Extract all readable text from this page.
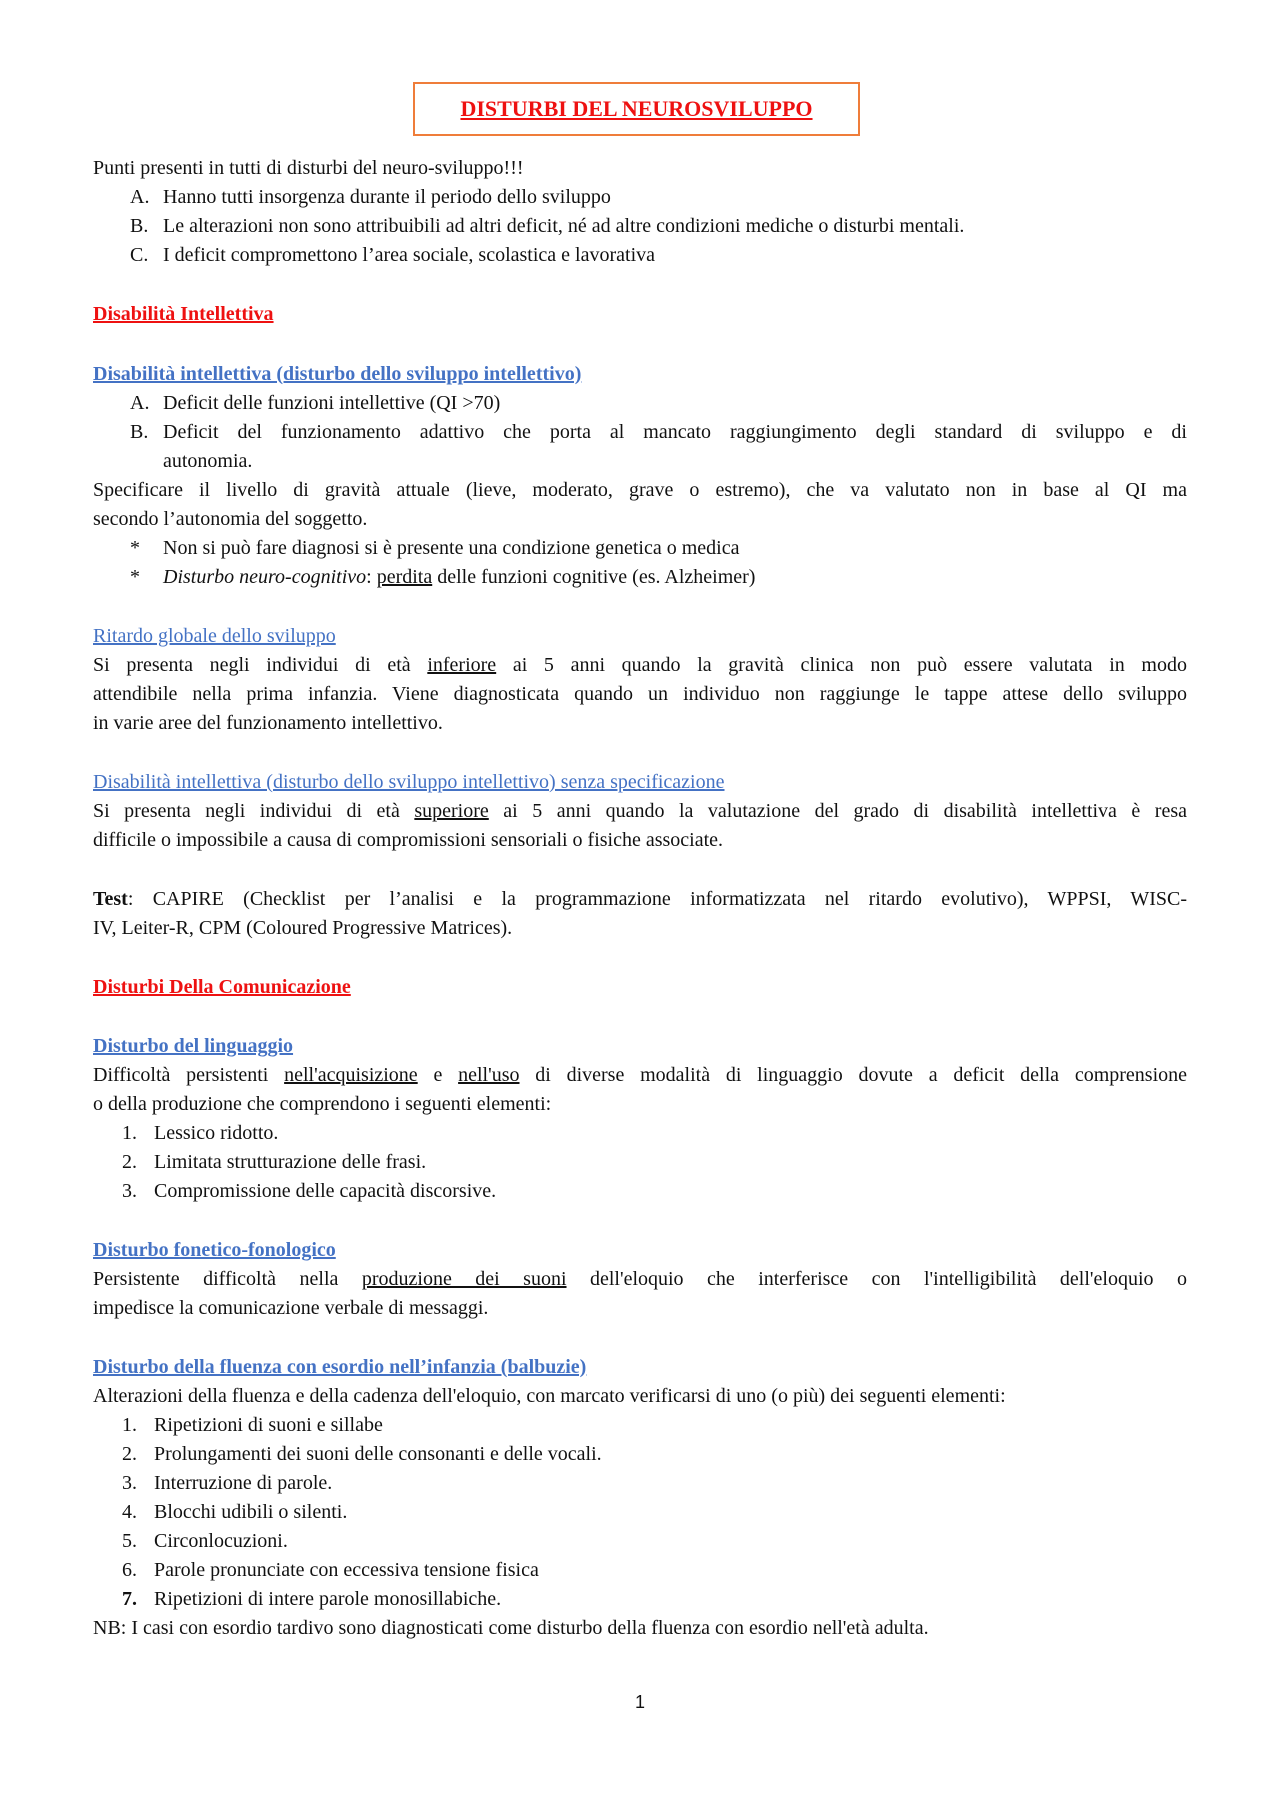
DISTURBI DEL NEUROSVILUPPO
Punti presenti in tutti di disturbi del neuro-sviluppo!!!
A. Hanno tutti insorgenza durante il periodo dello sviluppo
B. Le alterazioni non sono attribuibili ad altri deficit, né ad altre condizioni mediche o disturbi mentali.
C. I deficit compromettono l’area sociale, scolastica e lavorativa
Disabilità Intellettiva
Disabilità intellettiva (disturbo dello sviluppo intellettivo)
A. Deficit delle funzioni intellettive (QI >70)
B. Deficit del funzionamento adattivo che porta al mancato raggiungimento degli standard di sviluppo e di
autonomia.
Specificare il livello di gravità attuale (lieve, moderato, grave o estremo), che va valutato non in base al QI ma
secondo l’autonomia del soggetto.
* Non si può fare diagnosi si è presente una condizione genetica o medica
* Disturbo neuro-cognitivo: perdita delle funzioni cognitive (es. Alzheimer)
Ritardo globale dello sviluppo
Si presenta negli individui di età inferiore ai 5 anni quando la gravità clinica non può essere valutata in modo
attendibile nella prima infanzia. Viene diagnosticata quando un individuo non raggiunge le tappe attese dello sviluppo
in varie aree del funzionamento intellettivo.
Disabilità intellettiva (disturbo dello sviluppo intellettivo) senza specificazione
Si presenta negli individui di età superiore ai 5 anni quando la valutazione del grado di disabilità intellettiva è resa
difficile o impossibile a causa di compromissioni sensoriali o fisiche associate.
Test: CAPIRE (Checklist per l’analisi e la programmazione informatizzata nel ritardo evolutivo), WPPSI, WISC-
IV, Leiter-R, CPM (Coloured Progressive Matrices).
Disturbi Della Comunicazione
Disturbo del linguaggio
Difficoltà persistenti nell'acquisizione e nell'uso di diverse modalità di linguaggio dovute a deficit della comprensione
o della produzione che comprendono i seguenti elementi:
1. Lessico ridotto.
2. Limitata strutturazione delle frasi.
3. Compromissione delle capacità discorsive.
Disturbo fonetico-fonologico
Persistente difficoltà nella produzione dei suoni dell'eloquio che interferisce con l'intelligibilità dell'eloquio o
impedisce la comunicazione verbale di messaggi.
Disturbo della fluenza con esordio nell’infanzia (balbuzie)
Alterazioni della fluenza e della cadenza dell'eloquio, con marcato verificarsi di uno (o più) dei seguenti elementi:
1. Ripetizioni di suoni e sillabe
2. Prolungamenti dei suoni delle consonanti e delle vocali.
3. Interruzione di parole.
4. Blocchi udibili o silenti.
5. Circonlocuzioni.
6. Parole pronunciate con eccessiva tensione fisica
7. Ripetizioni di intere parole monosillabiche.
NB: I casi con esordio tardivo sono diagnosticati come disturbo della fluenza con esordio nell'età adulta.
1
